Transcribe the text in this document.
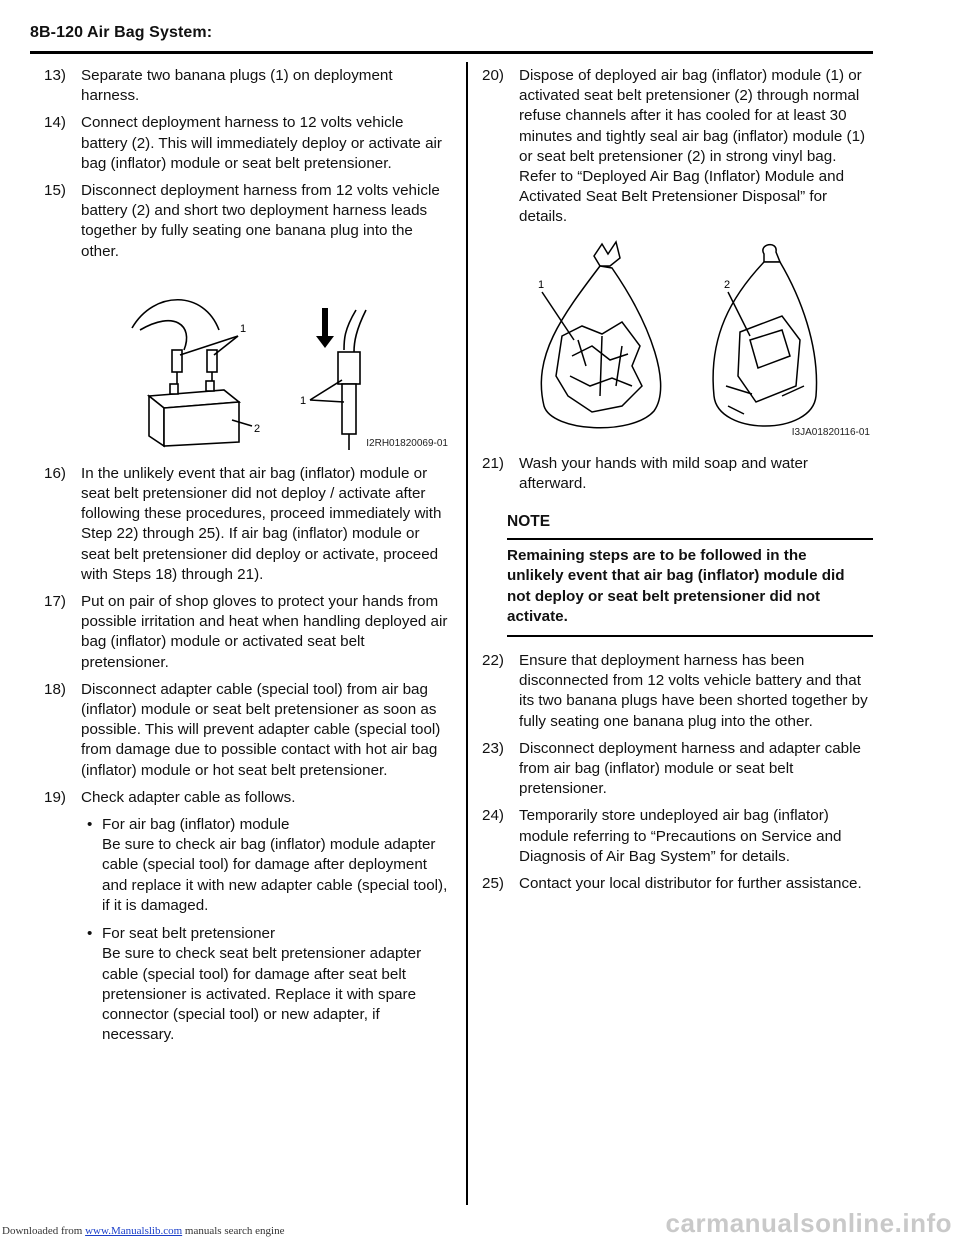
8B-120 Air Bag System:
13) Separate two banana plugs (1) on deployment harness.
14) Connect deployment harness to 12 volts vehicle battery (2). This will immediately deploy or activate air bag (inflator) module or seat belt pretensioner.
15) Disconnect deployment harness from 12 volts vehicle battery (2) and short two deployment harness leads together by fully seating one banana plug into the other.
1
2
1
I2RH01820069-01
16) In the unlikely event that air bag (inflator) module or seat belt pretensioner did not deploy / activate after following these procedures, proceed immediately with Step 22) through 25). If air bag (inflator) module or seat belt pretensioner did deploy or activate, proceed with Steps 18) through 21).
17) Put on pair of shop gloves to protect your hands from possible irritation and heat when handling deployed air bag (inflator) module or activated seat belt pretensioner.
18) Disconnect adapter cable (special tool) from air bag (inflator) module or seat belt pretensioner as soon as possible. This will prevent adapter cable (special tool) from damage due to possible contact with hot air bag (inflator) module or hot seat belt pretensioner.
19) Check adapter cable as follows.
• For air bag (inflator) module
Be sure to check air bag (inflator) module adapter cable (special tool) for damage after deployment and replace it with new adapter cable (special tool), if it is damaged.
• For seat belt pretensioner
Be sure to check seat belt pretensioner adapter cable (special tool) for damage after seat belt pretensioner is activated. Replace it with spare connector (special tool) or new adapter, if necessary.
20) Dispose of deployed air bag (inflator) module (1) or activated seat belt pretensioner (2) through normal refuse channels after it has cooled for at least 30 minutes and tightly seal air bag (inflator) module (1) or seat belt pretensioner (2) in strong vinyl bag. Refer to “Deployed Air Bag (Inflator) Module and Activated Seat Belt Pretensioner Disposal” for details.
1	2
I3JA01820116-01
21) Wash your hands with mild soap and water afterward.
NOTE
Remaining steps are to be followed in the unlikely event that air bag (inflator) module did not deploy or seat belt pretensioner did not activate.
22) Ensure that deployment harness has been disconnected from 12 volts vehicle battery and that its two banana plugs have been shorted together by fully seating one banana plug into the other.
23) Disconnect deployment harness and adapter cable from air bag (inflator) module or seat belt pretensioner.
24) Temporarily store undeployed air bag (inflator) module referring to “Precautions on Service and Diagnosis of Air Bag System” for details.
25) Contact your local distributor for further assistance.
Downloaded from www.Manualslib.com manuals search engine	carmanualsonline.info
